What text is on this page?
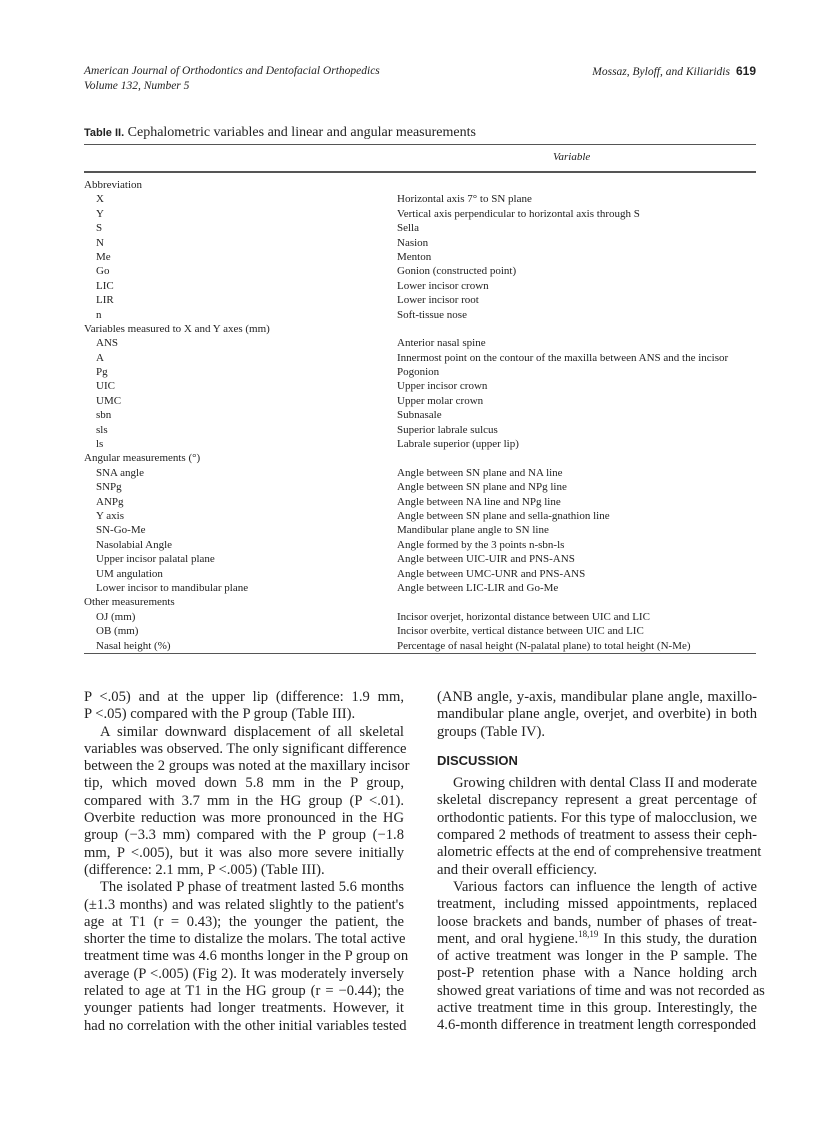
American Journal of Orthodontics and Dentofacial Orthopedics
Volume 132, Number 5
Mossaz, Byloff, and Kiliaridis 619
Table II. Cephalometric variables and linear and angular measurements
Variable
Abbreviation
X	Horizontal axis 7° to SN plane
Y	Vertical axis perpendicular to horizontal axis through S
S	Sella
N	Nasion
Me	Menton
Go	Gonion (constructed point)
LIC	Lower incisor crown
LIR	Lower incisor root
n	Soft-tissue nose
Variables measured to X and Y axes (mm)
ANS	Anterior nasal spine
A	Innermost point on the contour of the maxilla between ANS and the incisor
Pg	Pogonion
UIC	Upper incisor crown
UMC	Upper molar crown
sbn	Subnasale
sls	Superior labrale sulcus
ls	Labrale superior (upper lip)
Angular measurements (°)
SNA angle	Angle between SN plane and NA line
SNPg	Angle between SN plane and NPg line
ANPg	Angle between NA line and NPg line
Y axis	Angle between SN plane and sella-gnathion line
SN-Go-Me	Mandibular plane angle to SN line
Nasolabial Angle	Angle formed by the 3 points n-sbn-ls
Upper incisor palatal plane	Angle between UIC-UIR and PNS-ANS
UM angulation	Angle between UMC-UNR and PNS-ANS
Lower incisor to mandibular plane	Angle between LIC-LIR and Go-Me
Other measurements
OJ (mm)	Incisor overjet, horizontal distance between UIC and LIC
OB (mm)	Incisor overbite, vertical distance between UIC and LIC
Nasal height (%)	Percentage of nasal height (N-palatal plane) to total height (N-Me)
P <.05) and at the upper lip (difference: 1.9 mm,
P <.05) compared with the P group (Table III).
A similar downward displacement of all skeletal
variables was observed. The only significant difference
between the 2 groups was noted at the maxillary incisor
tip, which moved down 5.8 mm in the P group,
compared with 3.7 mm in the HG group (P <.01).
Overbite reduction was more pronounced in the HG
group (−3.3 mm) compared with the P group (−1.8
mm, P <.005), but it was also more severe initially
(difference: 2.1 mm, P <.005) (Table III).
The isolated P phase of treatment lasted 5.6 months
(±1.3 months) and was related slightly to the patient's
age at T1 (r = 0.43); the younger the patient, the
shorter the time to distalize the molars. The total active
treatment time was 4.6 months longer in the P group on
average (P <.005) (Fig 2). It was moderately inversely
related to age at T1 in the HG group (r = −0.44); the
younger patients had longer treatments. However, it
had no correlation with the other initial variables tested
(ANB angle, y-axis, mandibular plane angle, maxillo-
mandibular plane angle, overjet, and overbite) in both
groups (Table IV).
DISCUSSION
Growing children with dental Class II and moderate
skeletal discrepancy represent a great percentage of
orthodontic patients. For this type of malocclusion, we
compared 2 methods of treatment to assess their ceph-
alometric effects at the end of comprehensive treatment
and their overall efficiency.
Various factors can influence the length of active
treatment, including missed appointments, replaced
loose brackets and bands, number of phases of treat-
ment, and oral hygiene.$^{18,19}$ In this study, the duration
of active treatment was longer in the P sample. The
post-P retention phase with a Nance holding arch
showed great variations of time and was not recorded as
active treatment time in this group. Interestingly, the
4.6-month difference in treatment length corresponded
